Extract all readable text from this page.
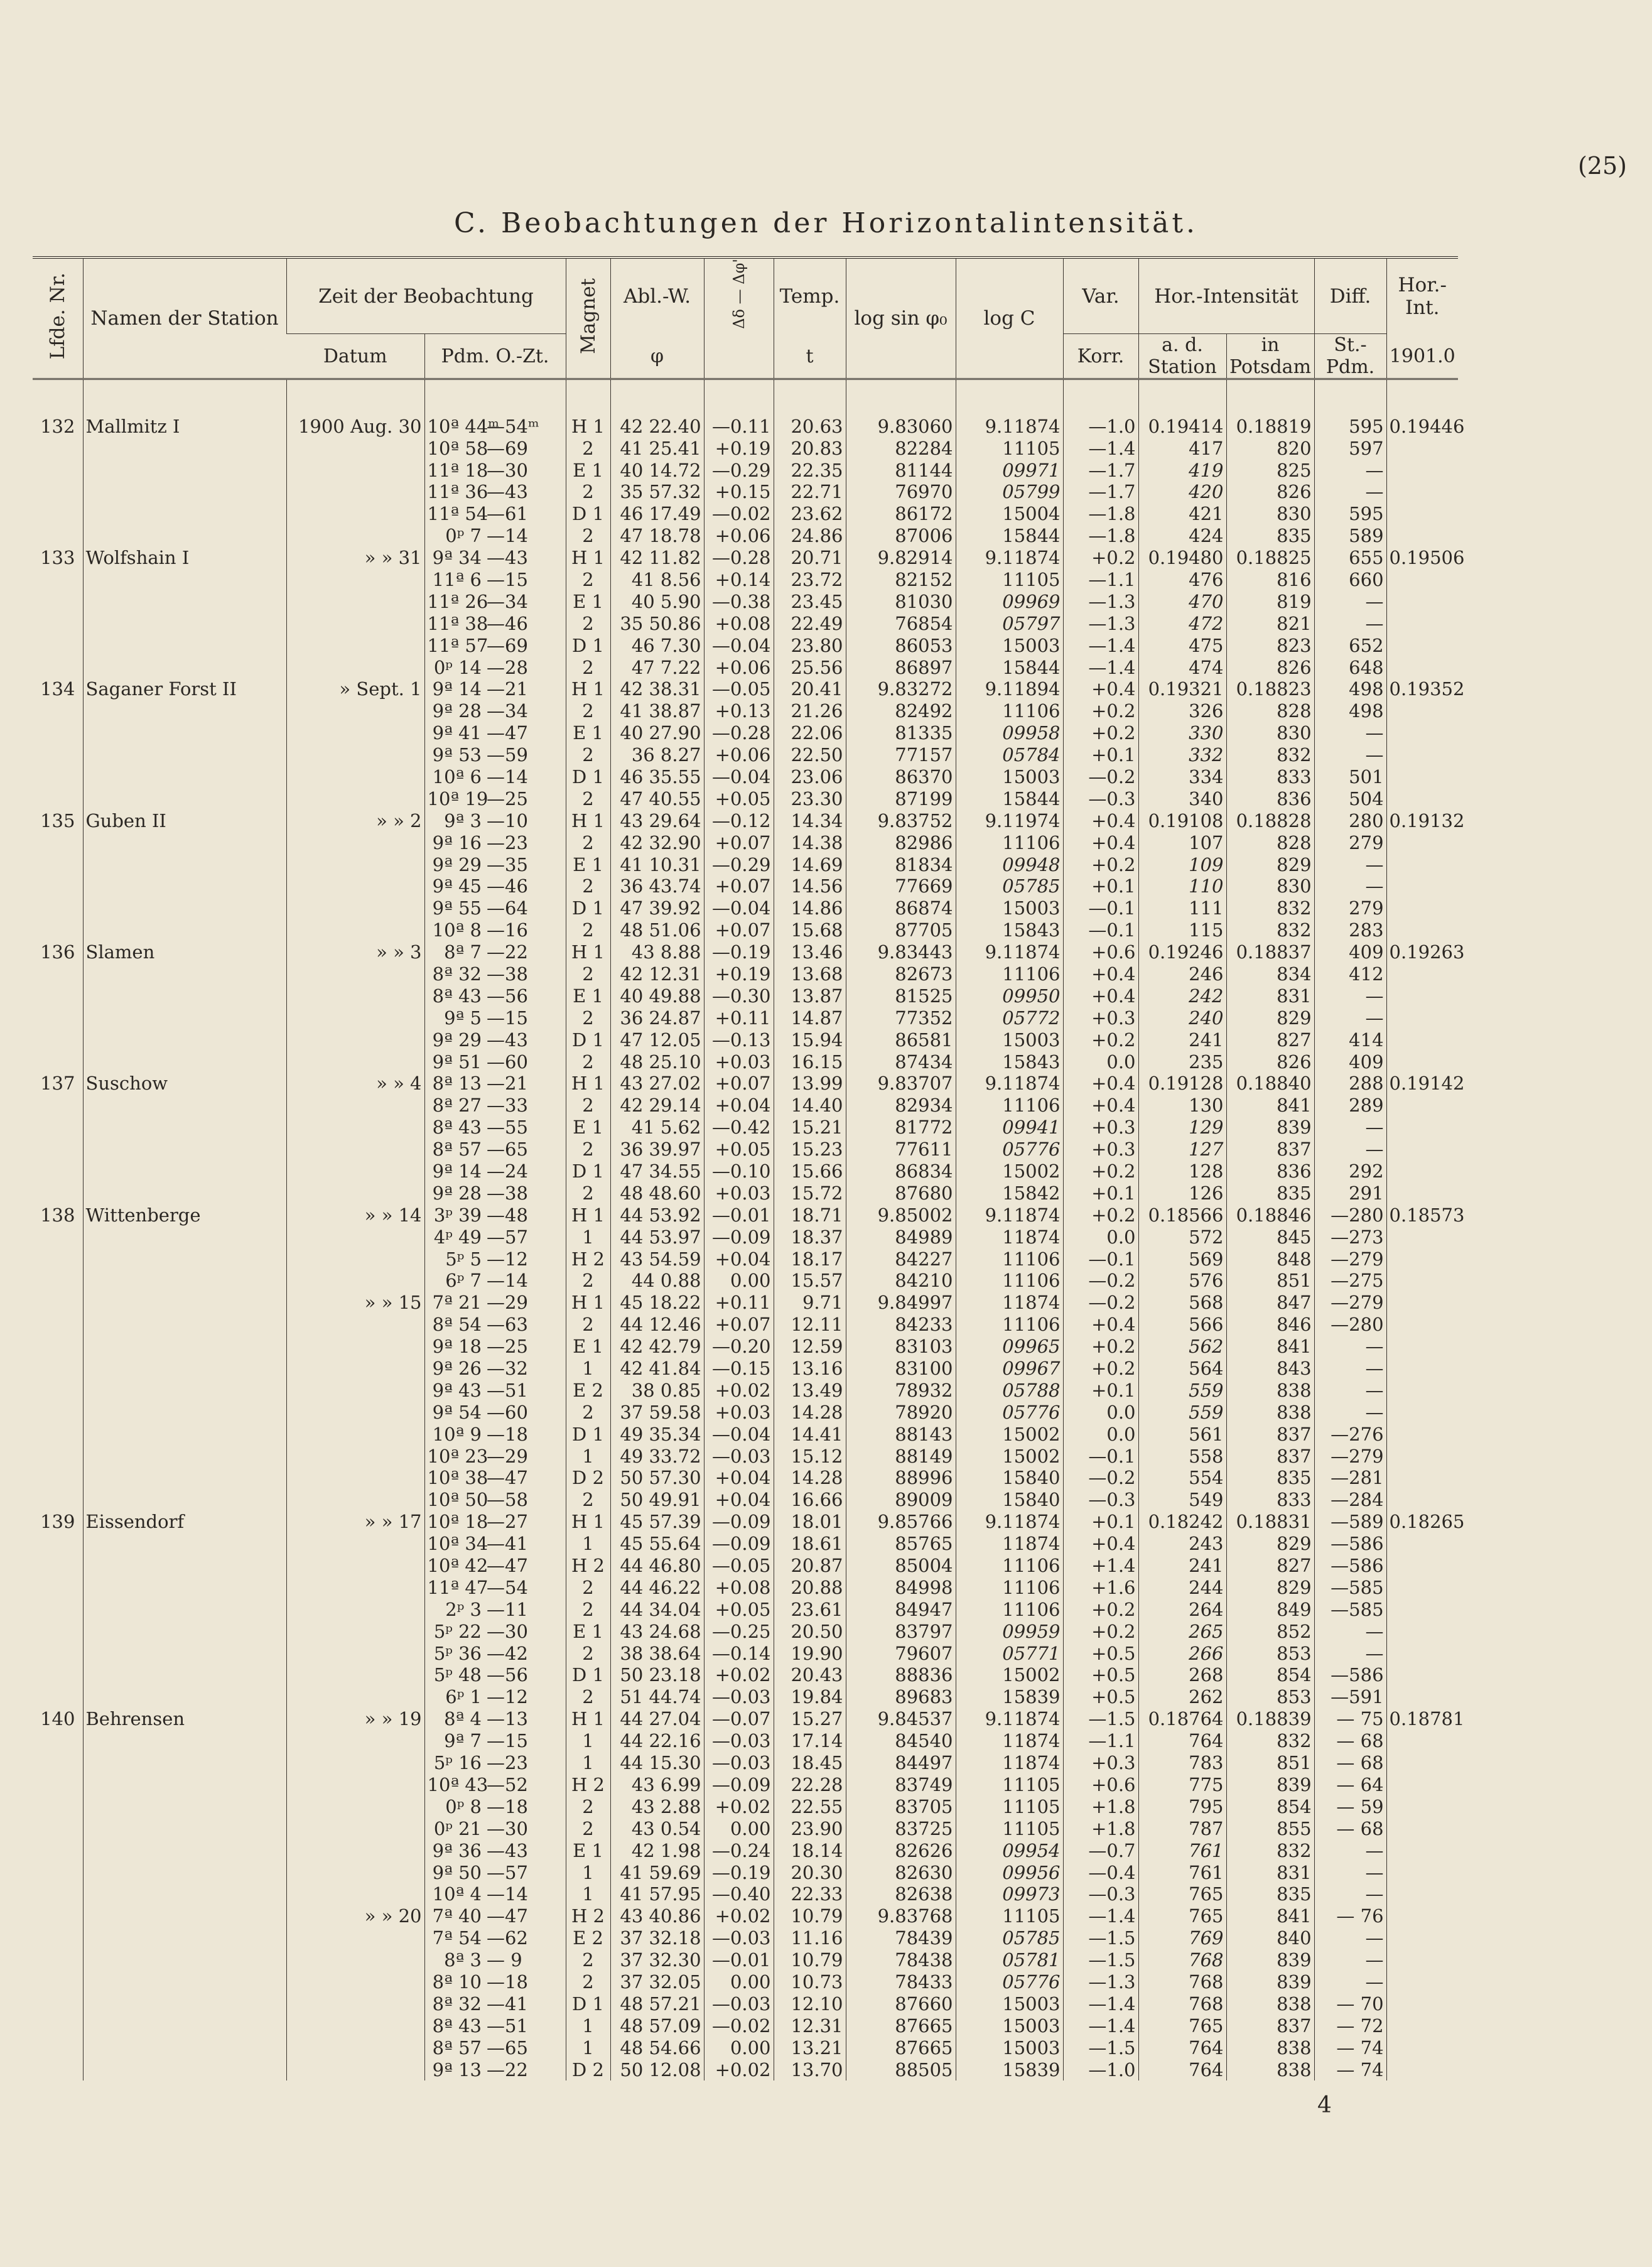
(25)
C. Beobachtungen der Horizontalintensität.
Lfde. Nr.	Namen der Station	Zeit der Beobachtung			Magnet	Abl.-W.	Δδ — Δφ'	Temp.	log sin φ₀	log C	Var.	Hor.-Intensität		Diff.	Hor.-Int.
		Datum	Pdm. O.-Zt.			φ		t			Korr.	a. d. Station	in Potsdam	St.-Pdm.	1901.0
132	Mallmitz I	1900 Aug. 30	10ª 44ᵐ	—54ᵐ	H 1	42 22.40	—0.11	20.63	9.83060	9.11874	—1.0	0.19414	0.18819	595	0.19446
			10ª 58	—69	2	41 25.41	+0.19	20.83	82284	11105	—1.4	417	820	597	
			11ª 18	—30	E 1	40 14.72	—0.29	22.35	81144	09971	—1.7	419	825	—	
			11ª 36	—43	2	35 57.32	+0.15	22.71	76970	05799	—1.7	420	826	—	
			11ª 54	—61	D 1	46 17.49	—0.02	23.62	86172	15004	—1.8	421	830	595	
			0ᵖ 7	—14	2	47 18.78	+0.06	24.86	87006	15844	—1.8	424	835	589	
133	Wolfshain I	» » 31	9ª 34	—43	H 1	42 11.82	—0.28	20.71	9.82914	9.11874	+0.2	0.19480	0.18825	655	0.19506
			11ª 6	—15	2	41 8.56	+0.14	23.72	82152	11105	—1.1	476	816	660	
			11ª 26	—34	E 1	40 5.90	—0.38	23.45	81030	09969	—1.3	470	819	—	
			11ª 38	—46	2	35 50.86	+0.08	22.49	76854	05797	—1.3	472	821	—	
			11ª 57	—69	D 1	46 7.30	—0.04	23.80	86053	15003	—1.4	475	823	652	
			0ᵖ 14	—28	2	47 7.22	+0.06	25.56	86897	15844	—1.4	474	826	648	
134	Saganer Forst II	» Sept. 1	9ª 14	—21	H 1	42 38.31	—0.05	20.41	9.83272	9.11894	+0.4	0.19321	0.18823	498	0.19352
			9ª 28	—34	2	41 38.87	+0.13	21.26	82492	11106	+0.2	326	828	498	
			9ª 41	—47	E 1	40 27.90	—0.28	22.06	81335	09958	+0.2	330	830	—	
			9ª 53	—59	2	36 8.27	+0.06	22.50	77157	05784	+0.1	332	832	—	
			10ª 6	—14	D 1	46 35.55	—0.04	23.06	86370	15003	—0.2	334	833	501	
			10ª 19	—25	2	47 40.55	+0.05	23.30	87199	15844	—0.3	340	836	504	
135	Guben II	» » 2	9ª 3	—10	H 1	43 29.64	—0.12	14.34	9.83752	9.11974	+0.4	0.19108	0.18828	280	0.19132
			9ª 16	—23	2	42 32.90	+0.07	14.38	82986	11106	+0.4	107	828	279	
			9ª 29	—35	E 1	41 10.31	—0.29	14.69	81834	09948	+0.2	109	829	—	
			9ª 45	—46	2	36 43.74	+0.07	14.56	77669	05785	+0.1	110	830	—	
			9ª 55	—64	D 1	47 39.92	—0.04	14.86	86874	15003	—0.1	111	832	279	
			10ª 8	—16	2	48 51.06	+0.07	15.68	87705	15843	—0.1	115	832	283	
136	Slamen	» » 3	8ª 7	—22	H 1	43 8.88	—0.19	13.46	9.83443	9.11874	+0.6	0.19246	0.18837	409	0.19263
			8ª 32	—38	2	42 12.31	+0.19	13.68	82673	11106	+0.4	246	834	412	
			8ª 43	—56	E 1	40 49.88	—0.30	13.87	81525	09950	+0.4	242	831	—	
			9ª 5	—15	2	36 24.87	+0.11	14.87	77352	05772	+0.3	240	829	—	
			9ª 29	—43	D 1	47 12.05	—0.13	15.94	86581	15003	+0.2	241	827	414	
			9ª 51	—60	2	48 25.10	+0.03	16.15	87434	15843	0.0	235	826	409	
137	Suschow	» » 4	8ª 13	—21	H 1	43 27.02	+0.07	13.99	9.83707	9.11874	+0.4	0.19128	0.18840	288	0.19142
			8ª 27	—33	2	42 29.14	+0.04	14.40	82934	11106	+0.4	130	841	289	
			8ª 43	—55	E 1	41 5.62	—0.42	15.21	81772	09941	+0.3	129	839	—	
			8ª 57	—65	2	36 39.97	+0.05	15.23	77611	05776	+0.3	127	837	—	
			9ª 14	—24	D 1	47 34.55	—0.10	15.66	86834	15002	+0.2	128	836	292	
			9ª 28	—38	2	48 48.60	+0.03	15.72	87680	15842	+0.1	126	835	291	
138	Wittenberge	» » 14	3ᵖ 39	—48	H 1	44 53.92	—0.01	18.71	9.85002	9.11874	+0.2	0.18566	0.18846	—280	0.18573
			4ᵖ 49	—57	1	44 53.97	—0.09	18.37	84989	11874	0.0	572	845	—273	
			5ᵖ 5	—12	H 2	43 54.59	+0.04	18.17	84227	11106	—0.1	569	848	—279	
			6ᵖ 7	—14	2	44 0.88	0.00	15.57	84210	11106	—0.2	576	851	—275	
		» » 15	7ª 21	—29	H 1	45 18.22	+0.11	9.71	9.84997	11874	—0.2	568	847	—279	
			8ª 54	—63	2	44 12.46	+0.07	12.11	84233	11106	+0.4	566	846	—280	
			9ª 18	—25	E 1	42 42.79	—0.20	12.59	83103	09965	+0.2	562	841	—	
			9ª 26	—32	1	42 41.84	—0.15	13.16	83100	09967	+0.2	564	843	—	
			9ª 43	—51	E 2	38 0.85	+0.02	13.49	78932	05788	+0.1	559	838	—	
			9ª 54	—60	2	37 59.58	+0.03	14.28	78920	05776	0.0	559	838	—	
			10ª 9	—18	D 1	49 35.34	—0.04	14.41	88143	15002	0.0	561	837	—276	
			10ª 23	—29	1	49 33.72	—0.03	15.12	88149	15002	—0.1	558	837	—279	
			10ª 38	—47	D 2	50 57.30	+0.04	14.28	88996	15840	—0.2	554	835	—281	
			10ª 50	—58	2	50 49.91	+0.04	16.66	89009	15840	—0.3	549	833	—284	
139	Eissendorf	» » 17	10ª 18	—27	H 1	45 57.39	—0.09	18.01	9.85766	9.11874	+0.1	0.18242	0.18831	—589	0.18265
			10ª 34	—41	1	45 55.64	—0.09	18.61	85765	11874	+0.4	243	829	—586	
			10ª 42	—47	H 2	44 46.80	—0.05	20.87	85004	11106	+1.4	241	827	—586	
			11ª 47	—54	2	44 46.22	+0.08	20.88	84998	11106	+1.6	244	829	—585	
			2ᵖ 3	—11	2	44 34.04	+0.05	23.61	84947	11106	+0.2	264	849	—585	
			5ᵖ 22	—30	E 1	43 24.68	—0.25	20.50	83797	09959	+0.2	265	852	—	
			5ᵖ 36	—42	2	38 38.64	—0.14	19.90	79607	05771	+0.5	266	853	—	
			5ᵖ 48	—56	D 1	50 23.18	+0.02	20.43	88836	15002	+0.5	268	854	—586	
			6ᵖ 1	—12	2	51 44.74	—0.03	19.84	89683	15839	+0.5	262	853	—591	
140	Behrensen	» » 19	8ª 4	—13	H 1	44 27.04	—0.07	15.27	9.84537	9.11874	—1.5	0.18764	0.18839	— 75	0.18781
			9ª 7	—15	1	44 22.16	—0.03	17.14	84540	11874	—1.1	764	832	— 68	
			5ᵖ 16	—23	1	44 15.30	—0.03	18.45	84497	11874	+0.3	783	851	— 68	
			10ª 43	—52	H 2	43 6.99	—0.09	22.28	83749	11105	+0.6	775	839	— 64	
			0ᵖ 8	—18	2	43 2.88	+0.02	22.55	83705	11105	+1.8	795	854	— 59	
			0ᵖ 21	—30	2	43 0.54	0.00	23.90	83725	11105	+1.8	787	855	— 68	
			9ª 36	—43	E 1	42 1.98	—0.24	18.14	82626	09954	—0.7	761	832	—	
			9ª 50	—57	1	41 59.69	—0.19	20.30	82630	09956	—0.4	761	831	—	
			10ª 4	—14	1	41 57.95	—0.40	22.33	82638	09973	—0.3	765	835	—	
		» » 20	7ª 40	—47	H 2	43 40.86	+0.02	10.79	9.83768	11105	—1.4	765	841	— 76	
			7ª 54	—62	E 2	37 32.18	—0.03	11.16	78439	05785	—1.5	769	840	—	
			8ª 3	— 9	2	37 32.30	—0.01	10.79	78438	05781	—1.5	768	839	—	
			8ª 10	—18	2	37 32.05	0.00	10.73	78433	05776	—1.3	768	839	—	
			8ª 32	—41	D 1	48 57.21	—0.03	12.10	87660	15003	—1.4	768	838	— 70	
			8ª 43	—51	1	48 57.09	—0.02	12.31	87665	15003	—1.4	765	837	— 72	
			8ª 57	—65	1	48 54.66	0.00	13.21	87665	15003	—1.5	764	838	— 74	
			9ª 13	—22	D 2	50 12.08	+0.02	13.70	88505	15839	—1.0	764	838	— 74	
4
